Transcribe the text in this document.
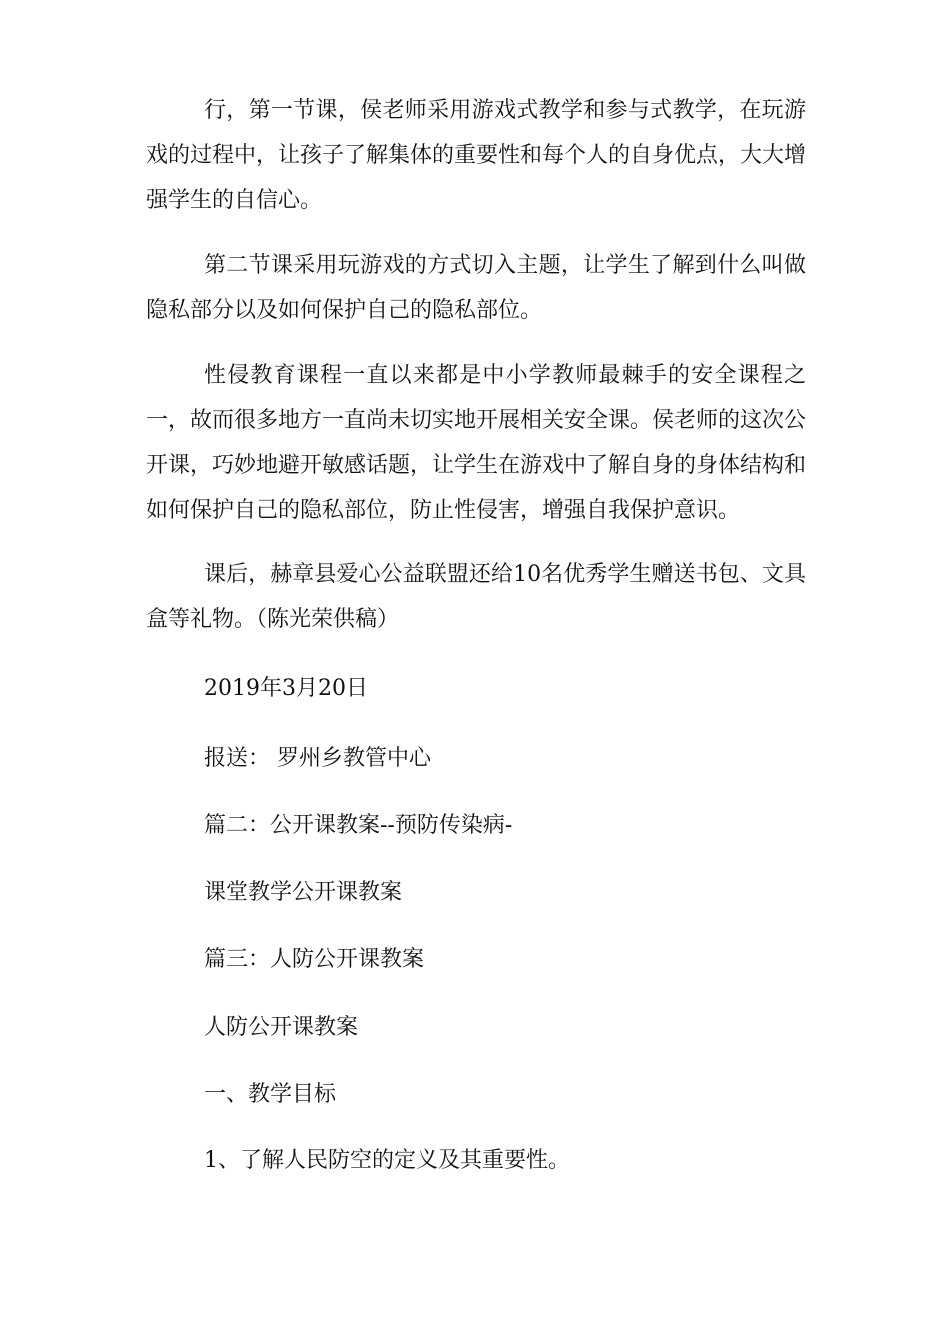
行，第一节课，侯老师采用游戏式教学和参与式教学，在玩游戏的过程中，让孩子了解集体的重要性和每个人的自身优点，大大增强学生的自信心。

第二节课采用玩游戏的方式切入主题，让学生了解到什么叫做隐私部分以及如何保护自己的隐私部位。

性侵教育课程一直以来都是中小学教师最棘手的安全课程之一，故而很多地方一直尚未切实地开展相关安全课。侯老师的这次公开课，巧妙地避开敏感话题，让学生在游戏中了解自身的身体结构和如何保护自己的隐私部位，防止性侵害，增强自我保护意识。

课后，赫章县爱心公益联盟还给10名优秀学生赠送书包、文具盒等礼物。（陈光荣供稿）

2019年3月20日

报送： 罗州乡教管中心

篇二：公开课教案--预防传染病-

课堂教学公开课教案

篇三：人防公开课教案

人防公开课教案

一、教学目标

1、了解人民防空的定义及其重要性。
